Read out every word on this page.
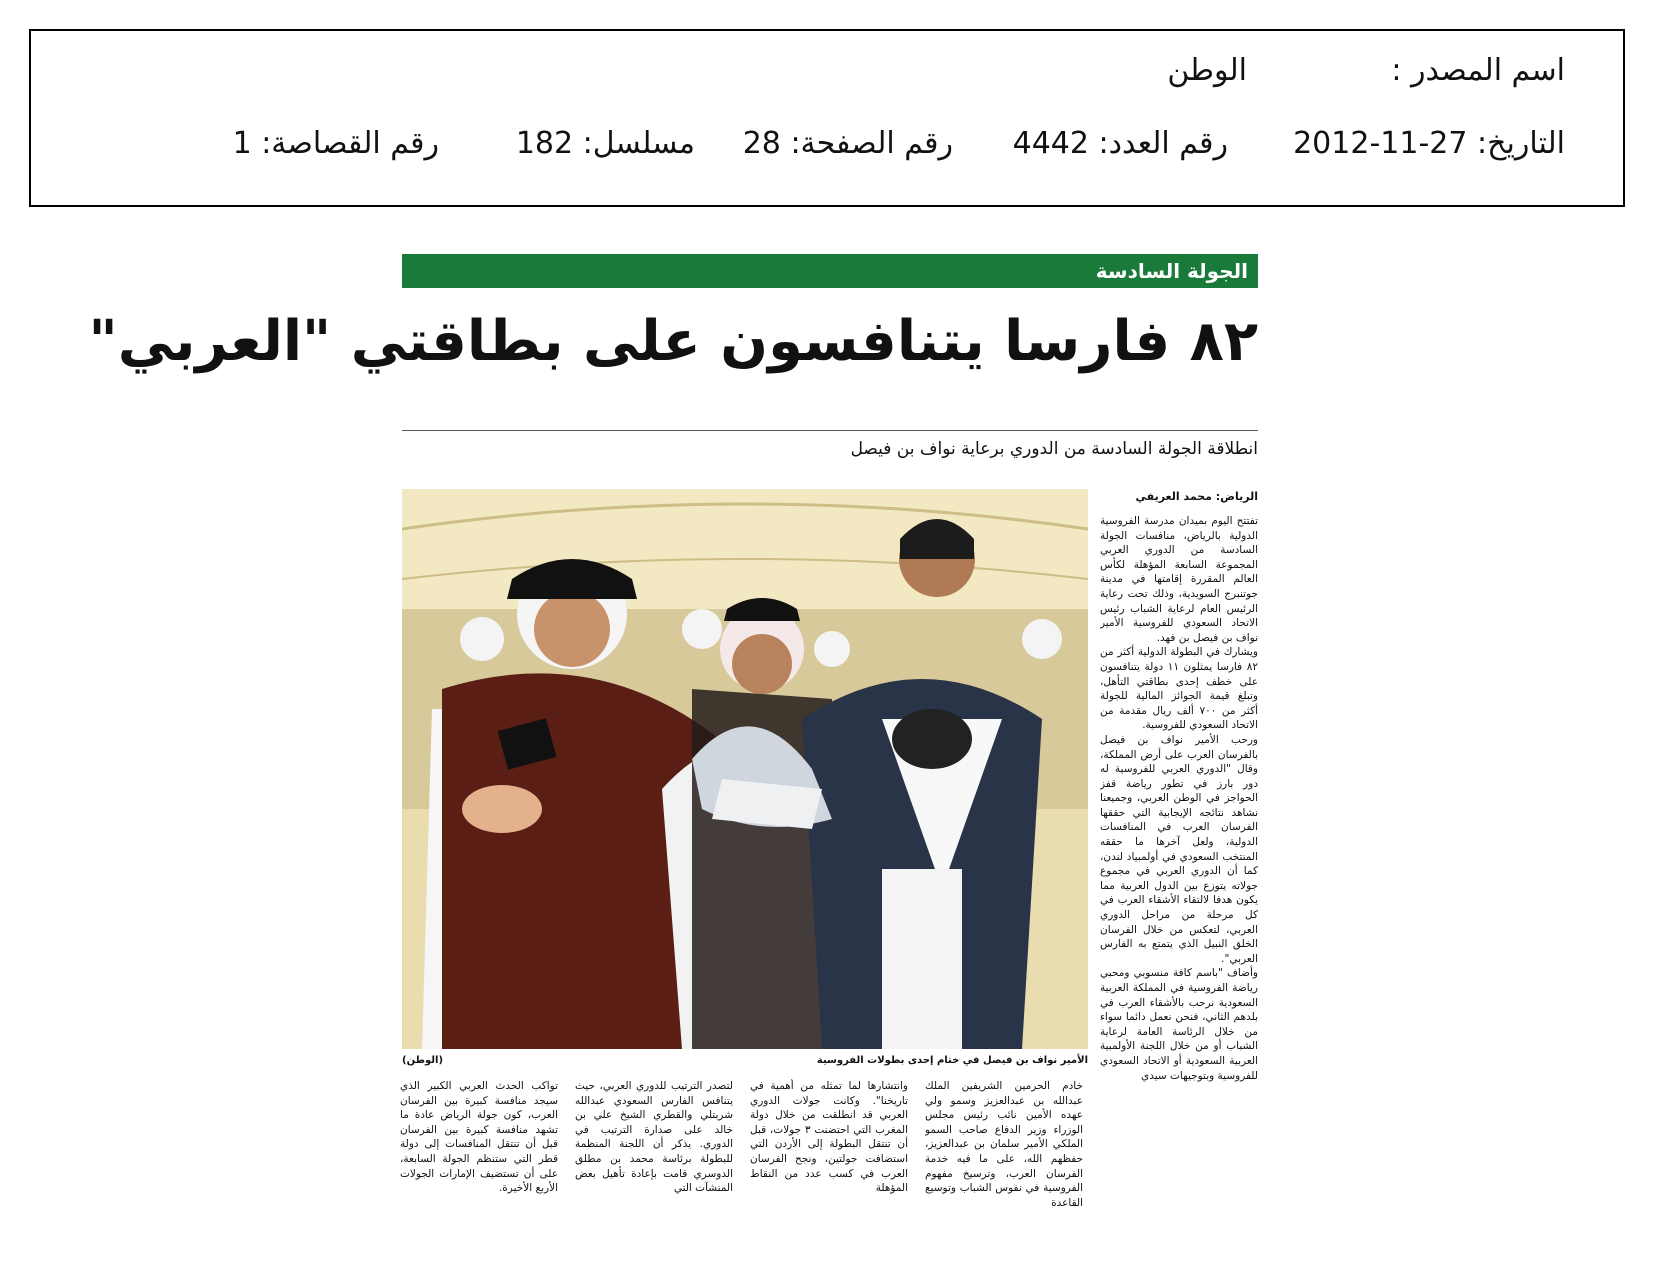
اسم المصدر :
الوطن
التاريخ: 27-11-2012
رقم العدد: 4442
رقم الصفحة: 28
مسلسل: 182
رقم القصاصة: 1
الجولة السادسة
٨٢ فارسا يتنافسون على بطاقتي "العربي"
انطلاقة الجولة السادسة من الدوري برعاية نواف بن فيصل
الرياض: محمد العريفي
الأمير نواف بن فيصل في ختام إحدى بطولات الفروسية
(الوطن)

تفتتح اليوم بميدان مدرسة الفروسية الدولية بالرياض، منافسات الجولة السادسة من الدوري العربي المجموعة السابعة المؤهلة لكأس العالم المقررة إقامتها في مدينة جوتنبرج السويدية، وذلك تحت رعاية الرئيس العام لرعاية الشباب رئيس الاتحاد السعودي للفروسية الأمير نواف بن فيصل بن فهد.

ويشارك في البطولة الدولية أكثر من ٨٢ فارسا يمثلون ١١ دولة يتنافسون على خطف إحدى بطاقتي التأهل، وتبلغ قيمة الجوائز المالية للجولة أكثر من ٧٠٠ ألف ريال مقدمة من الاتحاد السعودي للفروسية.

ورحب الأمير نواف بن فيصل بالفرسان العرب على أرض المملكة، وقال "الدوري العربي للفروسية له دور بارز في تطور رياضة قفز الحواجز في الوطن العربي، وجميعنا نشاهد نتائجه الإيجابية التي حققها الفرسان العرب في المنافسات الدولية، ولعل آخرها ما حققه المنتخب السعودي في أولمبياد لندن، كما أن الدوري العربي في مجموع جولاته يتوزع بين الدول العربية مما يكون هدفا لالتقاء الأشقاء العرب في كل مرحلة من مراحل الدوري العربي، لتعكس من خلال الفرسان الخلق النبيل الذي يتمتع به الفارس العربي".

وأضاف "باسم كافة منسوبي ومحبي رياضة الفروسية في المملكة العربية السعودية نرحب بالأشقاء العرب في بلدهم الثاني، فنحن نعمل دائما سواء من خلال الرئاسة العامة لرعاية الشباب أو من خلال اللجنة الأولمبية العربية السعودية أو الاتحاد السعودي للفروسية وبتوجيهات سيدي

خادم الحرمين الشريفين الملك عبدالله بن عبدالعزيز وسمو ولي عهده الأمين نائب رئيس مجلس الوزراء وزير الدفاع صاحب السمو الملكي الأمير سلمان بن عبدالعزيز، حفظهم الله، على ما فيه خدمة الفرسان العرب، وترسيخ مفهوم الفروسية في نفوس الشباب وتوسيع القاعدة

وانتشارها لما تمثله من أهمية في تاريخنا". وكانت جولات الدوري العربي قد انطلقت من خلال دولة المغرب التي احتضنت ٣ جولات، قبل أن تنتقل البطولة إلى الأردن التي استضافت جولتين، ونجح الفرسان العرب في كسب عدد من النقاط المؤهلة

لتصدر الترتيب للدوري العربي، حيث يتنافس الفارس السعودي عبدالله شربتلي والقطري الشيخ علي بن خالد على صدارة الترتيب في الدوري. يذكر أن اللجنة المنظمة للبطولة برئاسة محمد بن مطلق الدوسري قامت بإعادة تأهيل بعض المنشآت التي

تواكب الحدث العربي الكبير الذي سيجد منافسة كبيرة بين الفرسان العرب، كون جولة الرياض عادة ما تشهد منافسة كبيرة بين الفرسان قبل أن تنتقل المنافسات إلى دولة قطر التي ستنظم الجولة السابعة، على أن تستضيف الإمارات الجولات الأربع الأخيرة.
